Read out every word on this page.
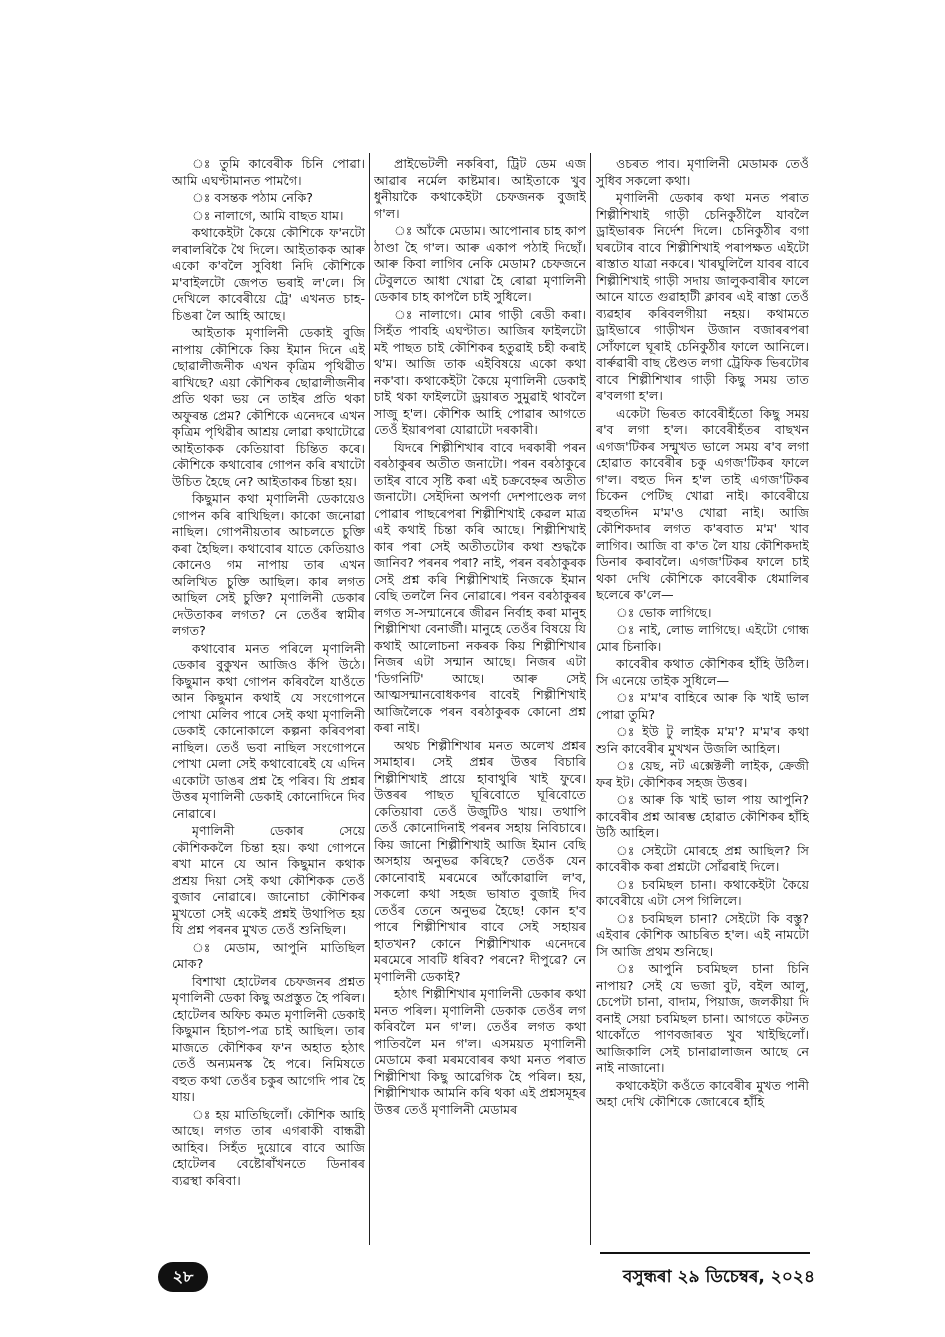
ঃ তুমি কাবেৰীক চিনি পোৱা। আমি এঘণ্টামানত পামগৈ।

ঃ বসন্তক পঠাম নেকি?

ঃ নালাগে, আমি বাছত যাম।

কথাকেইটা কৈয়ে কৌশিকে ফ'নটো লৰালৰিকৈ থৈ দিলে। আইতাকক আৰু একো ক'বলৈ সুবিধা নিদি কৌশিকে ম'বাইলটো জেপত ভৰাই ল'লে। সি দেখিলে কাবেৰীয়ে ট্ৰে' এখনত চাহ-চিঙৰা লৈ আহি আছে।

আইতাক মৃণালিনী ডেকাই বুজি নাপায় কৌশিকে কিয় ইমান দিনে এই ছোৱালীজনীক এখন কৃত্ৰিম পৃথিৱীত ৰাখিছে? এয়া কৌশিকৰ ছোৱালীজনীৰ প্ৰতি থকা ভয় নে তাইৰ প্ৰতি থকা অফুৰন্ত প্ৰেম? কৌশিকে এনেদৰে এখন কৃত্ৰিম পৃথিৱীৰ আশ্ৰয় লোৱা কথাটোৱে আইতাকক কেতিয়াবা চিন্তিত কৰে। কৌশিকে কথাবোৰ গোপন কৰি ৰখাটো উচিত হৈছে নে? আইতাকৰ চিন্তা হয়।

কিছুমান কথা মৃণালিনী ডেকায়েও গোপন কৰি ৰাখিছিল। কাকো জনোৱা নাছিল। গোপনীয়তাৰ আচলতে চুক্তি কৰা হৈছিল। কথাবোৰ যাতে কেতিয়াও কোনেও গম নাপায় তাৰ এখন অলিখিত চুক্তি আছিল। কাৰ লগত আছিল সেই চুক্তি? মৃণালিনী ডেকাৰ দেউতাকৰ লগত? নে তেওঁৰ স্বামীৰ লগত?

কথাবোৰ মনত পৰিলে মৃণালিনী ডেকাৰ বুকুখন আজিও কঁপি উঠে। কিছুমান কথা গোপন কৰিবলৈ যাওঁতে আন কিছুমান কথাই যে সংগোপনে পোখা মেলিব পাৰে সেই কথা মৃণালিনী ডেকাই কোনোকালে কল্পনা কৰিবপৰা নাছিল। তেওঁ ভবা নাছিল সংগোপনে পোখা মেলা সেই কথাবোৰেই যে এদিন একোটা ডাঙৰ প্ৰশ্ন হৈ পৰিব। যি প্ৰশ্নৰ উত্তৰ মৃণালিনী ডেকাই কোনোদিনে দিব নোৱাৰে।

মৃণালিনী ডেকাৰ সেয়ে কৌশিককলৈ চিন্তা হয়। কথা গোপনে ৰখা মানে যে আন কিছুমান কথাক প্ৰশ্ৰয় দিয়া সেই কথা কৌশিকক তেওঁ বুজাব নোৱাৰে। জানোচা কৌশিকৰ মুখতো সেই একেই প্ৰশ্নই উথাপিত হয় যি প্ৰশ্ন পৰনৰ মুখত তেওঁ শুনিছিল।

ঃ মেডাম, আপুনি মাতিছিল মোক?

বিশাখা হোটেলৰ চেফজনৰ প্ৰশ্নত মৃণালিনী ডেকা কিছু অপ্ৰস্তুত হৈ পৰিল। হোটেলৰ অফিচ কমত মৃণালিনী ডেকাই কিছুমান হিচাপ-পত্ৰ চাই আছিল। তাৰ মাজতে কৌশিকৰ ফ'ন অহাত হঠাৎ তেওঁ অন্যমনস্ক হৈ পৰে। নিমিষতে বহুত কথা তেওঁৰ চকুৰ আগেদি পাৰ হৈ যায়।

ঃ হয় মাতিছিলোঁ। কৌশিক আহি আছে। লগত তাৰ এগৰাকী বান্ধৱী আহিব। সিহঁত দুয়োৰে বাবে আজি হোটেলৰ বেষ্টোৰাঁখনতে ডিনাৰৰ ব্যৱস্থা কৰিবা।

প্ৰাইভেটলী নকৰিবা, ট্ৰিট ডেম এজ আৱাৰ নৰ্মেল কাষ্টমাৰ। আইতাকে খুব ধুনীয়াকৈ কথাকেইটা চেফজনক বুজাই গ'ল।

ঃ আঁকে মেডাম। আপোনাৰ চাহ কাপ ঠাণ্ডা হৈ গ'ল। আৰু একাপ পঠাই দিছোঁ। আৰু কিবা লাগিব নেকি মেডাম? চেফজনে টেবুলতে আধা খোৱা হৈ ৰোৱা মৃণালিনী ডেকাৰ চাহ কাপলৈ চাই সুধিলে।

ঃ নালাগে। মোৰ গাড়ী ৰেডী কৰা। সিহঁত পাবহি এঘণ্টাত। আজিৰ ফাইলটো মই পাছত চাই কৌশিকৰ হতুৱাই চহী কৰাই থ'ম। আজি তাক এইবিষয়ে একো কথা নক'বা। কথাকেইটা কৈয়ে মৃণালিনী ডেকাই চাই থকা ফাইলটো ড্ৰয়াৰত সুমুৱাই থাবলৈ সাজু হ'ল। কৌশিক আহি পোৱাৰ আগতে তেওঁ ইয়াৰপৰা যোৱাটো দৰকাৰী।

যিদৰে শিল্পীশিখাৰ বাবে দৰকাৰী পৰন বৰঠাকুৰৰ অতীত জনাটো। পৰন বৰঠাকুৰে তাইৰ বাবে সৃষ্টি কৰা এই চক্ৰবেহ্নৰ অতীত জনাটো। সেইদিনা অপৰ্ণা দেশপাণ্ডেক লগ পোৱাৰ পাছৰেপৰা শিল্পীশিখাই কেৱল মাত্ৰ এই কথাই চিন্তা কৰি আছে। শিল্পীশিখাই কাৰ পৰা সেই অতীতটোৰ কথা শুদ্ধকৈ জানিব? পৰনৰ পৰা? নাই, পৰন বৰঠাকুৰক সেই প্ৰশ্ন কৰি শিল্পীশিখাই নিজকে ইমান বেছি তললৈ নিব নোৱাৰে। পৰন বৰঠাকুৰৰ লগত স-সন্মানেৰে জীৱন নিৰ্বাহ কৰা মানুহ শিল্পীশিখা বেনাৰ্জী। মানুহে তেওঁৰ বিষয়ে যি কথাই আলোচনা নকৰক কিয় শিল্পীশিখাৰ নিজৰ এটা সন্মান আছে। নিজৰ এটা 'ডিগনিটি' আছে। আৰু সেই আত্মসন্মানবোধকণৰ বাবেই শিল্পীশিখাই আজিলৈকে পৰন বৰঠাকুৰক কোনো প্ৰশ্ন কৰা নাই।

অথচ শিল্পীশিখাৰ মনত অলেখ প্ৰশ্নৰ সমাহাৰ। সেই প্ৰশ্নৰ উত্তৰ বিচাৰি শিল্পীশিখাই প্ৰায়ে হাবাথুৰি খাই ফুৰে। উত্তৰৰ পাছত ঘূৰিবোতে ঘূৰিবোতে কেতিয়াবা তেওঁ উজুটিও খায়। তথাপি তেওঁ কোনোদিনাই পৰনৰ সহায় নিবিচাৰে। কিয় জানো শিল্পীশিখাই আজি ইমান বেছি অসহায় অনুভৱ কৰিছে? তেওঁক যেন কোনোবাই মৰমেৰে আঁকোৱালি ল'ব, সকলো কথা সহজ ভাষাত বুজাই দিব তেওঁৰ তেনে অনুভৱ হৈছে! কোন হ'ব পাৰে শিল্পীশিখাৰ বাবে সেই সহায়ৰ হাতখন? কোনে শিল্পীশিখাক এনেদৰে মৰমেৰে সাবটি ধৰিব? পৰনে? দীপুৱে? নে মৃণালিনী ডেকাই?

হঠাৎ শিল্পীশিখাৰ মৃণালিনী ডেকাৰ কথা মনত পৰিল। মৃণালিনী ডেকাক তেওঁৰ লগ কৰিবলৈ মন গ'ল। তেওঁৰ লগত কথা পাতিবলৈ মন গ'ল। এসময়ত মৃণালিনী মেডামে কৰা মৰমবোৰৰ কথা মনত পৰাত শিল্পীশিখা কিছু আৱেগিক হৈ পৰিল। হয়, শিল্পীশিখাক আমনি কৰি থকা এই প্ৰশ্নসমূহৰ উত্তৰ তেওঁ মৃণালিনী মেডামৰ

ওচৰত পাব। মৃণালিনী মেডামক তেওঁ সুধিব সকলো কথা।

মৃণালিনী ডেকাৰ কথা মনত পৰাত শিল্পীশিখাই গাড়ী চেনিকুঠীলৈ যাবলৈ ড্ৰাইভাৰক নিৰ্দেশ দিলে। চেনিকুঠীৰ বগা ঘৰটোৰ বাবে শিল্পীশিখাই পৰাপক্ষত এইটো ৰাস্তাত যাত্ৰা নকৰে। খাৰঘুলিলৈ যাবৰ বাবে শিল্পীশিখাই গাড়ী সদায় জালুকবাৰীৰ ফালে আনে যাতে গুৱাহাটী ক্লাবৰ এই ৰাস্তা তেওঁ ব্যৱহাৰ কৰিবলগীয়া নহয়। কথামতে ড্ৰাইভাৰে গাড়ীখন উজান বজাৰৰপৰা সোঁফালে ঘূৰাই চেনিকুঠীৰ ফালে আনিলে। বাৰ্ৰুৱাৰী বাছ ষ্টেণ্ডত লগা ট্ৰেফিক ভিৰটোৰ বাবে শিল্পীশিখাৰ গাড়ী কিছু সময় তাত ৰ'বলগা হ'ল।

একেটা ভিৰত কাবেৰীহঁতো কিছু সময় ৰ'ব লগা হ'ল। কাবেৰীহঁতৰ বাছখন এগজ'টিকৰ সন্মুখত ভালে সময় ৰ'ব লগা হোৱাত কাবেৰীৰ চকু এগজ'টিকৰ ফালে গ'ল। বহুত দিন হ'ল তাই এগজ'টিকৰ চিকেন পেটিছ খোৱা নাই। কাবেৰীয়ে বহুতদিন ম'ম'ও খোৱা নাই। আজি কৌশিকদাৰ লগত ক'ৰবাত ম'ম' খাব লাগিব। আজি বা ক'ত লৈ যায় কৌশিকদাই ডিনাৰ কৰাবলৈ। এগজ'টিকৰ ফালে চাই থকা দেখি কৌশিকে কাবেৰীক ধেমালিৰ ছলেৰে ক'লে—

ঃ ভোক লাগিছে।

ঃ নাই, লোভ লাগিছে। এইটো গোন্ধ মোৰ চিনাকি।

কাবেৰীৰ কথাত কৌশিকৰ হাঁহি উঠিল। সি এনেয়ে তাইক সুধিলে—

ঃ ম'ম'ৰ বাহিৰে আৰু কি খাই ভাল পোৱা তুমি?

ঃ ইউ টু লাইক ম'ম'? ম'ম'ৰ কথা শুনি কাবেৰীৰ মুখখন উজলি আহিল।

ঃ য়েছ, নট এক্সেক্টলী লাইক, ক্ৰেজী ফৰ ইট। কৌশিকৰ সহজ উত্তৰ।

ঃ আৰু কি খাই ভাল পায় আপুনি? কাবেৰীৰ প্ৰশ্ন আৰম্ভ হোৱাত কৌশিকৰ হাঁহি উঠি আহিল।

ঃ সেইটো মোৰহে প্ৰশ্ন আছিল? সি কাবেৰীক কৰা প্ৰশ্নটো সোঁৱৰাই দিলে।

ঃ চবমিছল চানা। কথাকেইটা কৈয়ে কাবেৰীয়ে এটা সেপ গিলিলে।

ঃ চবমিছল চানা? সেইটো কি বস্তু? এইবাৰ কৌশিক আচৰিত হ'ল। এই নামটো সি আজি প্ৰথম শুনিছে।

ঃ আপুনি চবমিছল চানা চিনি নাপায়? সেই যে ভজা বুট, বইল আলু, চেপেটা চানা, বাদাম, পিয়াজ, জলকীয়া দি বনাই সেয়া চবমিছল চানা। আগতে কটনত থাকোঁতে পাণবজাৰত খুব খাইছিলোঁ। আজিকালি সেই চানাৱালাজন আছে নে নাই নাজানো।

কথাকেইটা কওঁতে কাবেৰীৰ মুখত পানী অহা দেখি কৌশিকে জোৰেৰে হাঁহি

২৮	বসুন্ধৰা ২৯ ডিচেম্বৰ, ২০২৪
